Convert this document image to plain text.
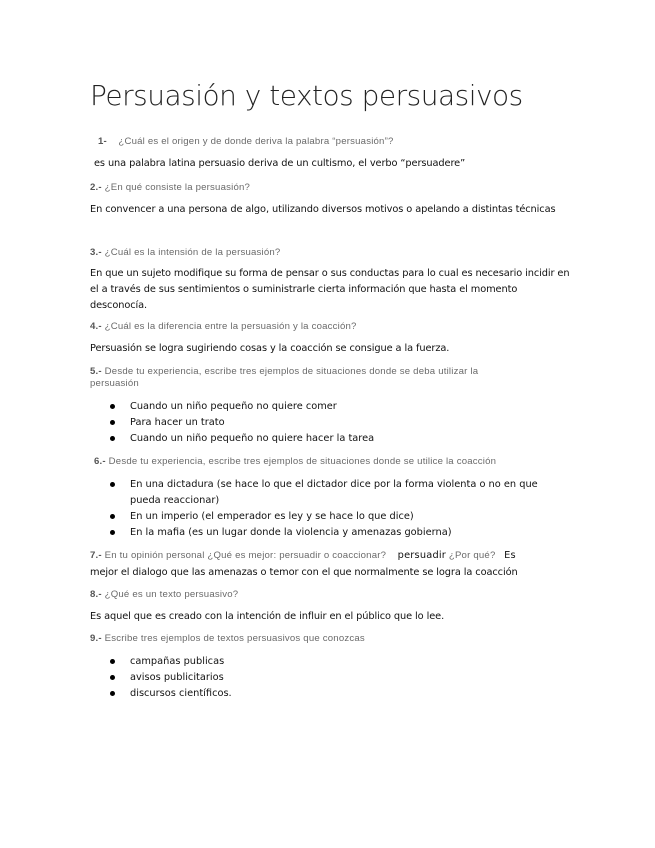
Persuasión y textos persuasivos
1- ¿Cuál es el origen y de donde deriva la palabra “persuasión”?
es una palabra latina persuasio deriva de un cultismo, el verbo “persuadere”
2.- ¿En qué consiste la persuasión?
En convencer a una persona de algo, utilizando diversos motivos o apelando a distintas técnicas
3.- ¿Cuál es la intensión de la persuasión?
En que un sujeto modifique su forma de pensar o sus conductas para lo cual es necesario incidir en el a través de sus sentimientos o suministrarle cierta información que hasta el momento desconocía.
4.- ¿Cuál es la diferencia entre la persuasión y la coacción?
Persuasión se logra sugiriendo cosas y la coacción se consigue a la fuerza.
5.- Desde tu experiencia, escribe tres ejemplos de situaciones donde se deba utilizar la persuasión
Cuando un niño pequeño no quiere comer
Para hacer un trato
Cuando un niño pequeño no quiere hacer la tarea
6.- Desde tu experiencia, escribe tres ejemplos de situaciones donde se utilice la coacción
En una dictadura (se hace lo que el dictador dice por la forma violenta o no en que pueda reaccionar)
En un imperio (el emperador es ley y se hace lo que dice)
En la mafia (es un lugar donde la violencia y amenazas gobierna)
7.- En tu opinión personal ¿Qué es mejor: persuadir o coaccionar? persuadir ¿Por qué? Es
mejor el dialogo que las amenazas o temor con el que normalmente se logra la coacción
8.- ¿Qué es un texto persuasivo?
Es aquel que es creado con la intención de influir en el público que lo lee.
9.- Escribe tres ejemplos de textos persuasivos que conozcas
campañas publicas
avisos publicitarios
discursos científicos.
